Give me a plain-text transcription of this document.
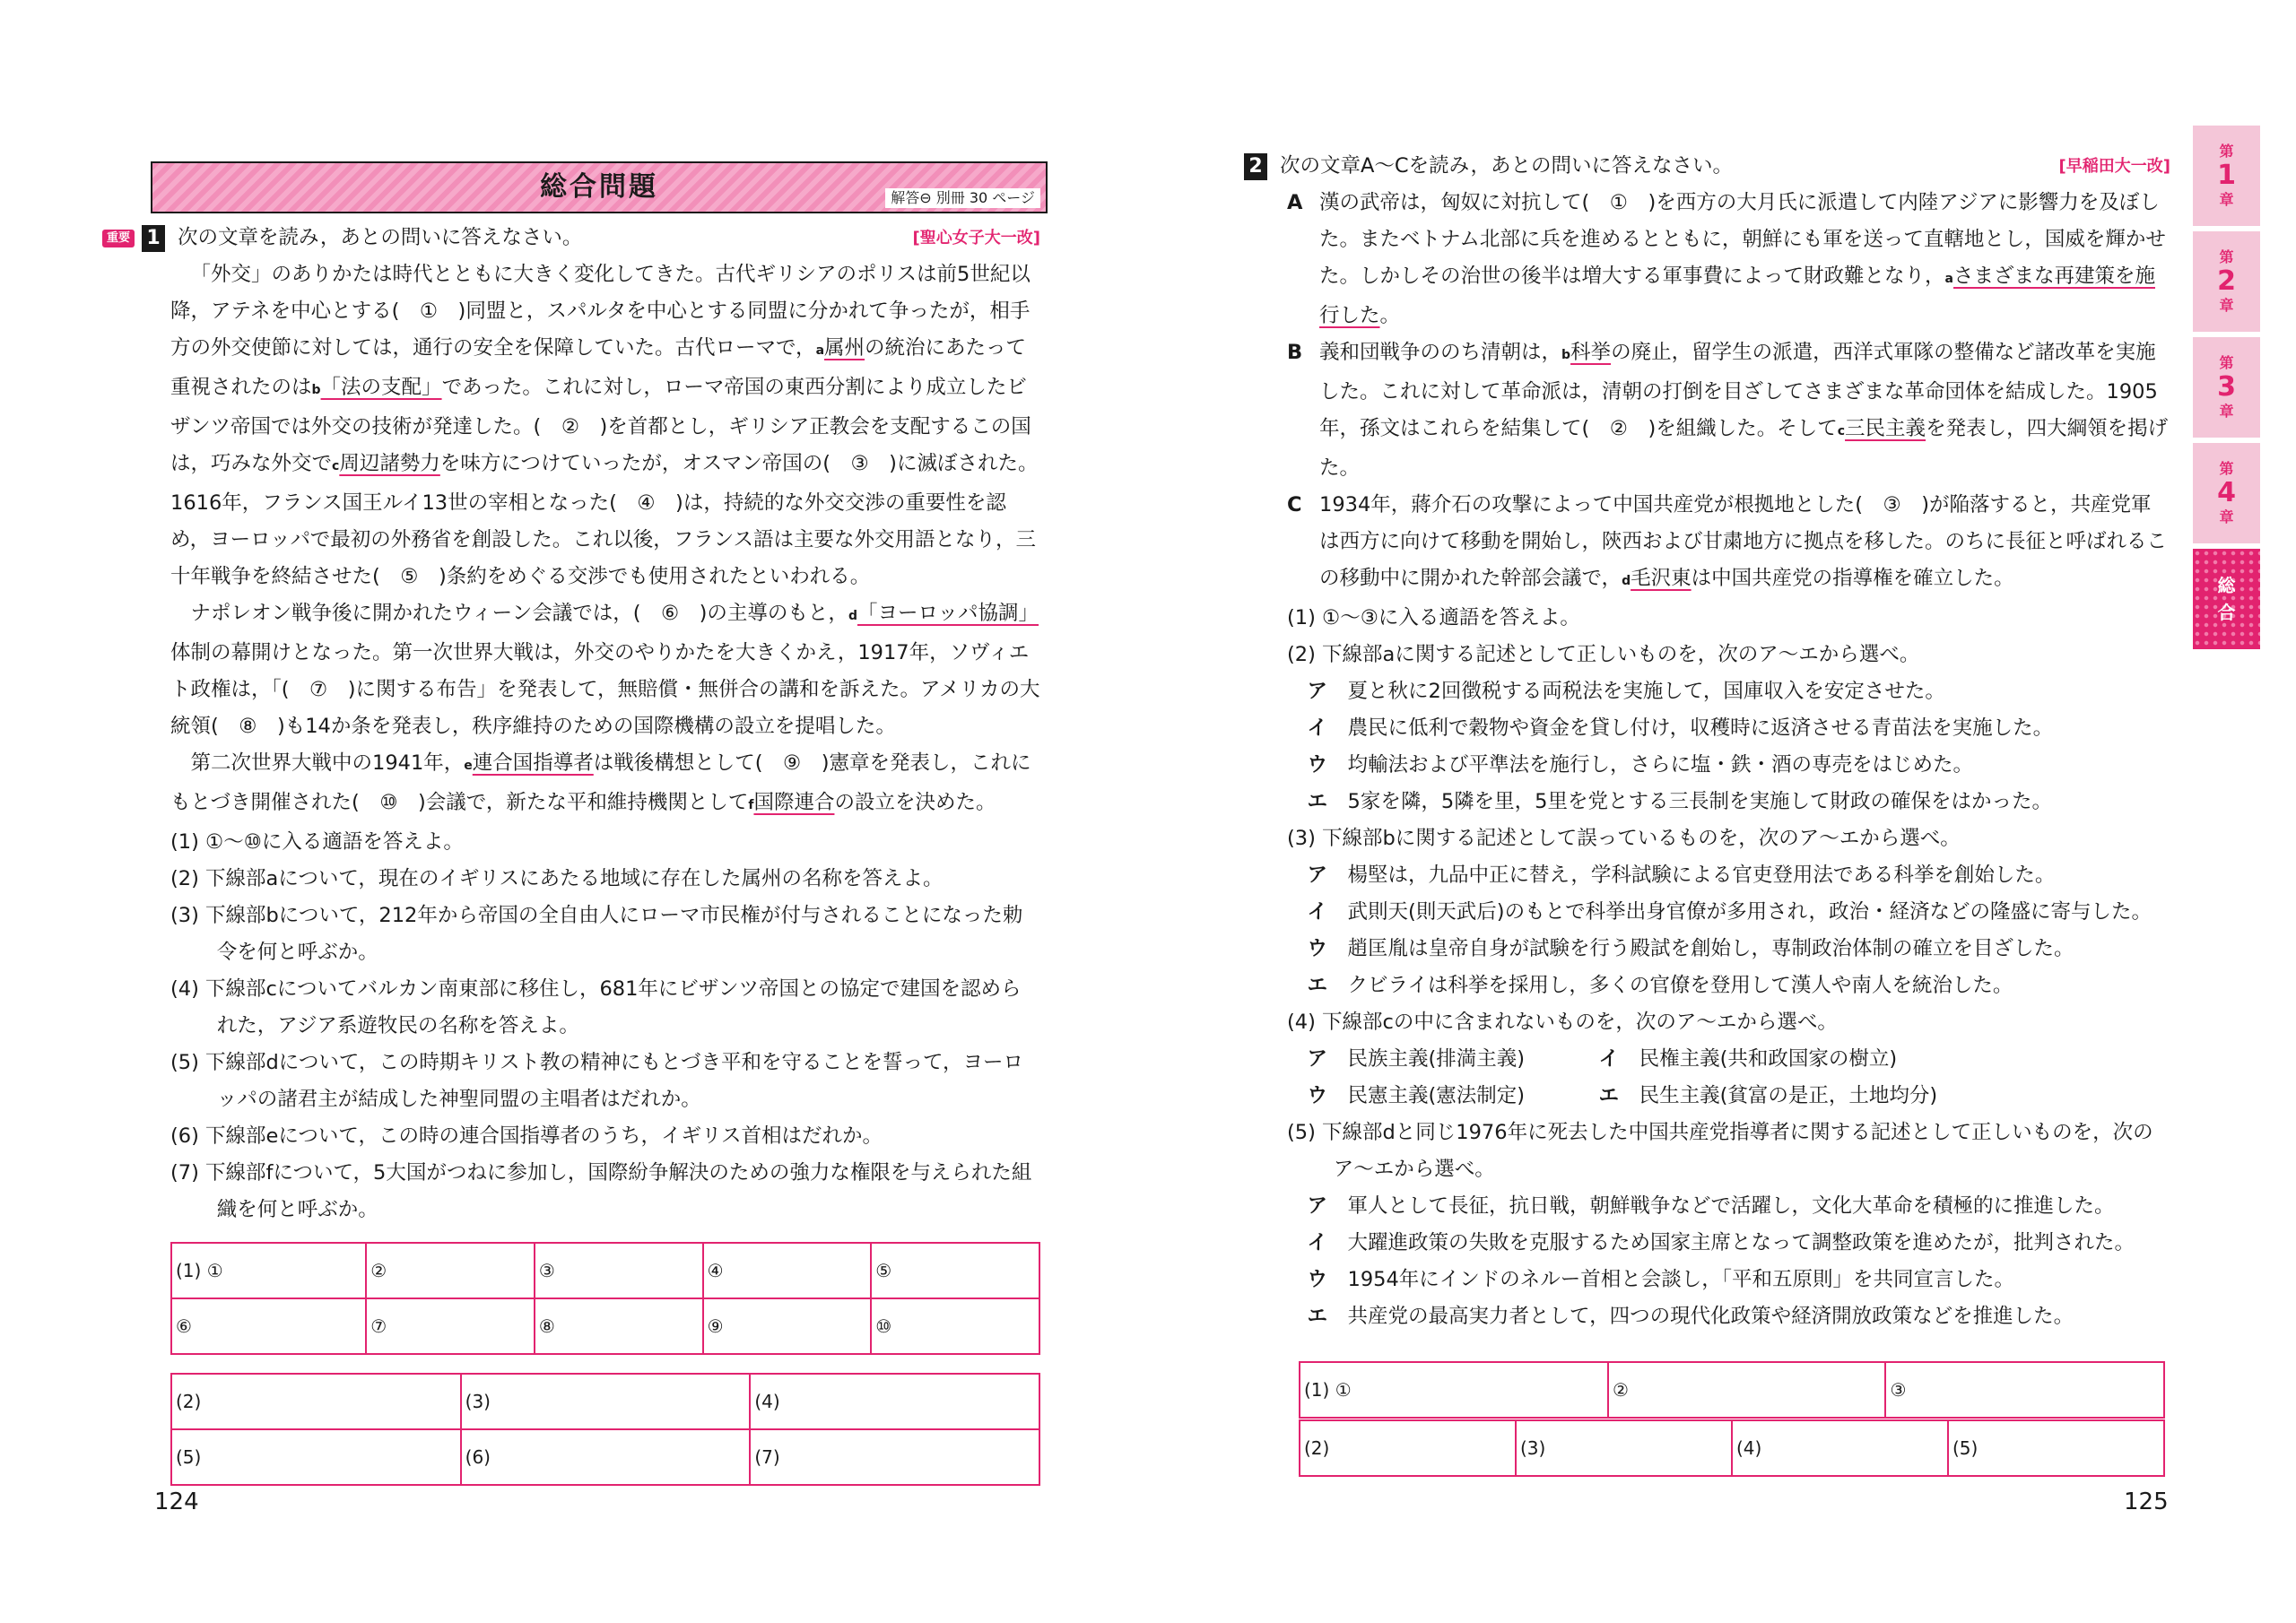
総合問題	解答⊖ 別冊 30 ページ

重要 1 次の文章を読み，あとの問いに答えなさい。	[聖心女子大一改]

「外交」のありかたは時代とともに大きく変化してきた。古代ギリシアのポリスは前5世紀以降，アテネを中心とする(　①　)同盟と，スパルタを中心とする同盟に分かれて争ったが，相手方の外交使節に対しては，通行の安全を保障していた。古代ローマで，a属州の統治にあたって重視されたのはb「法の支配」であった。これに対し，ローマ帝国の東西分割により成立したビザンツ帝国では外交の技術が発達した。(　②　)を首都とし，ギリシア正教会を支配するこの国は，巧みな外交でc周辺諸勢力を味方につけていったが，オスマン帝国の(　③　)に滅ぼされた。1616年，フランス国王ルイ13世の宰相となった(　④　)は，持続的な外交交渉の重要性を認め，ヨーロッパで最初の外務省を創設した。これ以後，フランス語は主要な外交用語となり，三十年戦争を終結させた(　⑤　)条約をめぐる交渉でも使用されたといわれる。

ナポレオン戦争後に開かれたウィーン会議では，(　⑥　)の主導のもと，d「ヨーロッパ協調」体制の幕開けとなった。第一次世界大戦は，外交のやりかたを大きくかえ，1917年，ソヴィエト政権は，「(　⑦　)に関する布告」を発表して，無賠償・無併合の講和を訴えた。アメリカの大統領(　⑧　)も14か条を発表し，秩序維持のための国際機構の設立を提唱した。

第二次世界大戦中の1941年，e連合国指導者は戦後構想として(　⑨　)憲章を発表し，これにもとづき開催された(　⑩　)会議で，新たな平和維持機関としてf国際連合の設立を決めた。

(1) ①〜⑩に入る適語を答えよ。

(2) 下線部aについて，現在のイギリスにあたる地域に存在した属州の名称を答えよ。

(3) 下線部bについて，212年から帝国の全自由人にローマ市民権が付与されることになった勅令を何と呼ぶか。

(4) 下線部cについてバルカン南東部に移住し，681年にビザンツ帝国との協定で建国を認められた，アジア系遊牧民の名称を答えよ。

(5) 下線部dについて，この時期キリスト教の精神にもとづき平和を守ることを誓って，ヨーロッパの諸君主が結成した神聖同盟の主唱者はだれか。

(6) 下線部eについて，この時の連合国指導者のうち，イギリス首相はだれか。

(7) 下線部fについて，5大国がつねに参加し，国際紛争解決のための強力な権限を与えられた組織を何と呼ぶか。

(1) ①	②	③	④	⑤
⑥	⑦	⑧	⑨	⑩
(2)	(3)	(4)
(5)	(6)	(7)
124

2 次の文章A〜Cを読み，あとの問いに答えなさい。	[早稲田大一改]

A 漢の武帝は，匈奴に対抗して(　①　)を西方の大月氏に派遣して内陸アジアに影響力を及ぼした。またベトナム北部に兵を進めるとともに，朝鮮にも軍を送って直轄地とし，国威を輝かせた。しかしその治世の後半は増大する軍事費によって財政難となり，aさまざまな再建策を施行した。

B 義和団戦争ののち清朝は，b科挙の廃止，留学生の派遣，西洋式軍隊の整備など諸改革を実施した。これに対して革命派は，清朝の打倒を目ざしてさまざまな革命団体を結成した。1905年，孫文はこれらを結集して(　②　)を組織した。そしてc三民主義を発表し，四大綱領を掲げた。

C 1934年，蔣介石の攻撃によって中国共産党が根拠地とした(　③　)が陥落すると，共産党軍は西方に向けて移動を開始し，陝西および甘粛地方に拠点を移した。のちに長征と呼ばれるこの移動中に開かれた幹部会議で，d毛沢東は中国共産党の指導権を確立した。

(1) ①〜③に入る適語を答えよ。

(2) 下線部aに関する記述として正しいものを，次のア〜エから選べ。

ア　 夏と秋に2回徴税する両税法を実施して，国庫収入を安定させた。

イ　 農民に低利で穀物や資金を貸し付け，収穫時に返済させる青苗法を実施した。

ウ　 均輸法および平準法を施行し，さらに塩・鉄・酒の専売をはじめた。

エ　 5家を隣，5隣を里，5里を党とする三長制を実施して財政の確保をはかった。

(3) 下線部bに関する記述として誤っているものを，次のア〜エから選べ。

ア　 楊堅は，九品中正に替え，学科試験による官吏登用法である科挙を創始した。

イ　 武則天(則天武后)のもとで科挙出身官僚が多用され，政治・経済などの隆盛に寄与した。

ウ　 趙匡胤は皇帝自身が試験を行う殿試を創始し，専制政治体制の確立を目ざした。

エ　 クビライは科挙を採用し，多くの官僚を登用して漢人や南人を統治した。

(4) 下線部cの中に含まれないものを，次のア〜エから選べ。

ア　 民族主義(排満主義)	イ　 民権主義(共和政国家の樹立)

ウ　 民憲主義(憲法制定)	エ　 民生主義(貧富の是正，土地均分)

(5) 下線部dと同じ1976年に死去した中国共産党指導者に関する記述として正しいものを，次のア〜エから選べ。

ア　 軍人として長征，抗日戦，朝鮮戦争などで活躍し，文化大革命を積極的に推進した。

イ　 大躍進政策の失敗を克服するため国家主席となって調整政策を進めたが，批判された。

ウ　 1954年にインドのネルー首相と会談し，「平和五原則」を共同宣言した。

エ　 共産党の最高実力者として，四つの現代化政策や経済開放政策などを推進した。

(1) ①	②	③
(2)	(3)	(4)	(5)
125
第
1
章
第
2
章
第
3
章
第
4
章
総
合
